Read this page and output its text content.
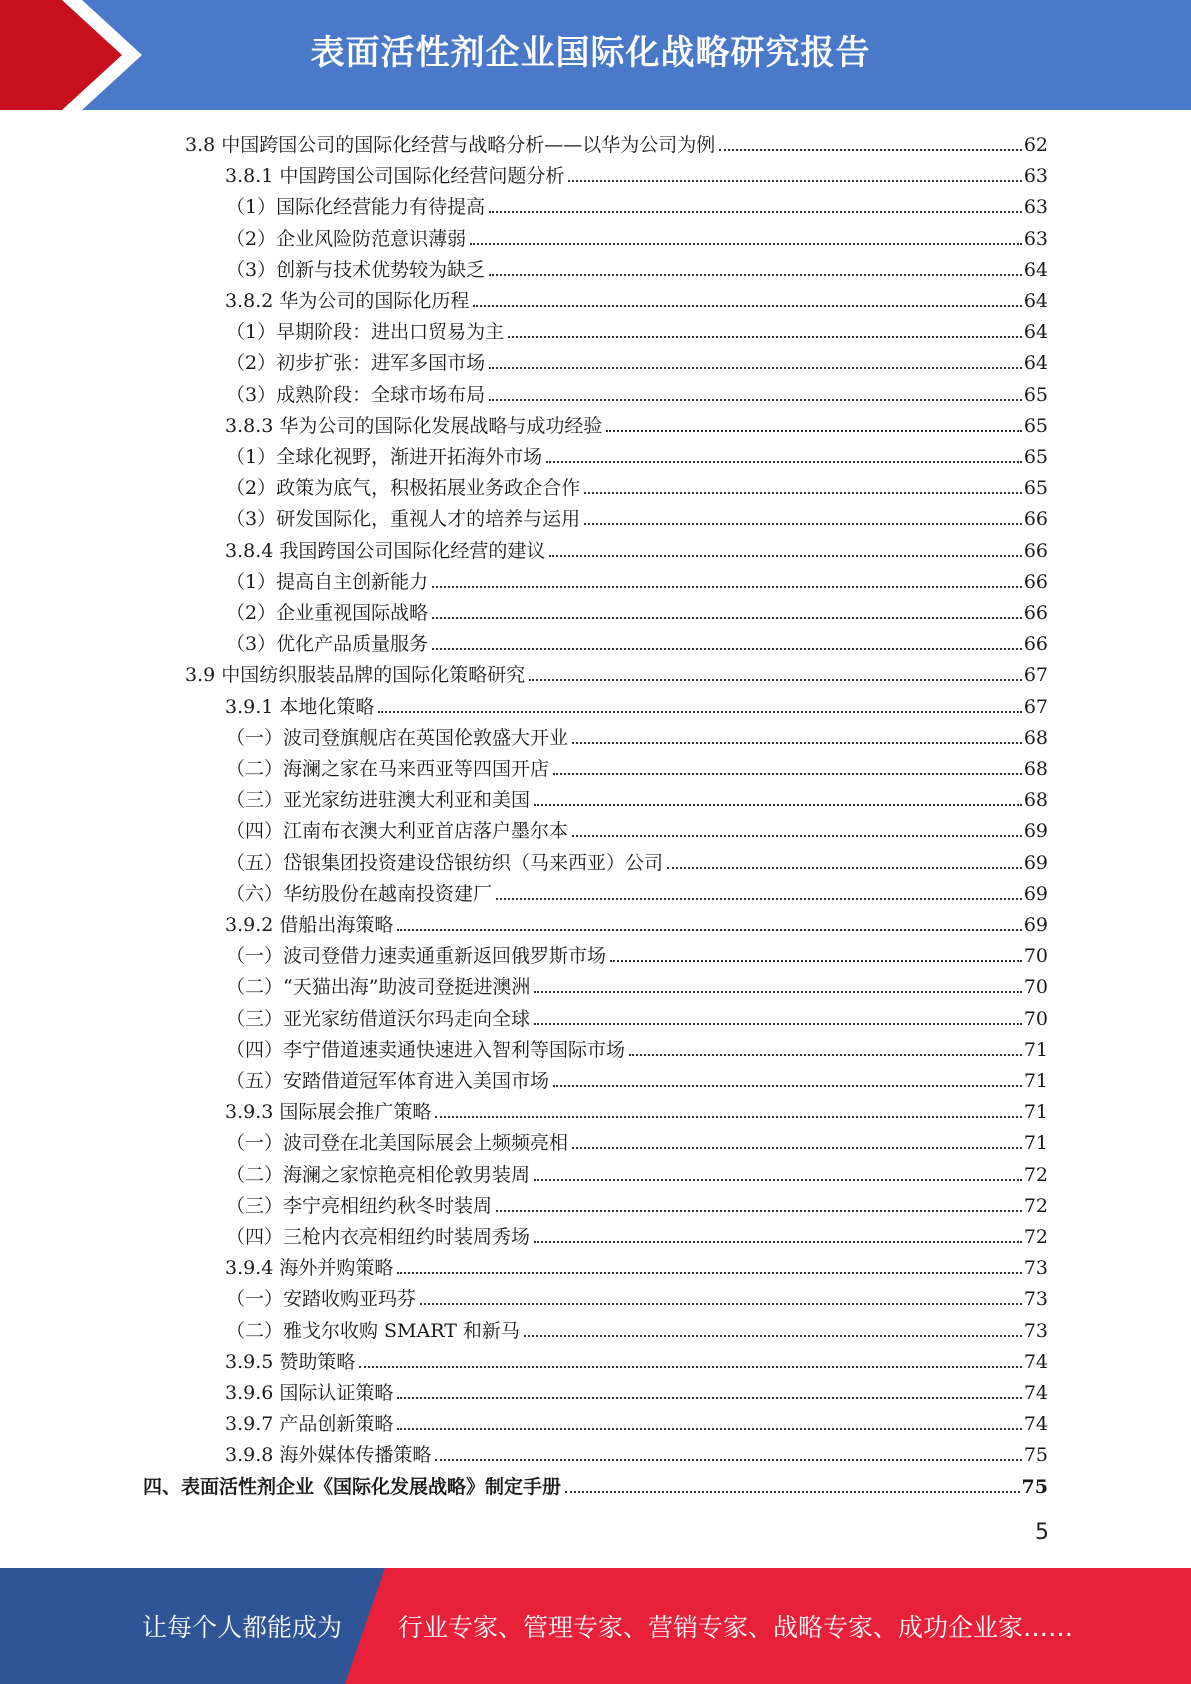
表面活性剂企业国际化战略研究报告
3.8 中国跨国公司的国际化经营与战略分析——以华为公司为例	62
3.8.1 中国跨国公司国际化经营问题分析	63
（1）国际化经营能力有待提高	63
（2）企业风险防范意识薄弱	63
（3）创新与技术优势较为缺乏	64
3.8.2 华为公司的国际化历程	64
（1）早期阶段：进出口贸易为主	64
（2）初步扩张：进军多国市场	64
（3）成熟阶段：全球市场布局	65
3.8.3 华为公司的国际化发展战略与成功经验	65
（1）全球化视野，渐进开拓海外市场	65
（2）政策为底气，积极拓展业务政企合作	65
（3）研发国际化，重视人才的培养与运用	66
3.8.4 我国跨国公司国际化经营的建议	66
（1）提高自主创新能力	66
（2）企业重视国际战略	66
（3）优化产品质量服务	66
3.9 中国纺织服装品牌的国际化策略研究	67
3.9.1 本地化策略	67
（一）波司登旗舰店在英国伦敦盛大开业	68
（二）海澜之家在马来西亚等四国开店	68
（三）亚光家纺进驻澳大利亚和美国	68
（四）江南布衣澳大利亚首店落户墨尔本	69
（五）岱银集团投资建设岱银纺织（马来西亚）公司	69
（六）华纺股份在越南投资建厂	69
3.9.2 借船出海策略	69
（一）波司登借力速卖通重新返回俄罗斯市场	70
（二）“天猫出海”助波司登挺进澳洲	70
（三）亚光家纺借道沃尔玛走向全球	70
（四）李宁借道速卖通快速进入智利等国际市场	71
（五）安踏借道冠军体育进入美国市场	71
3.9.3 国际展会推广策略	71
（一）波司登在北美国际展会上频频亮相	71
（二）海澜之家惊艳亮相伦敦男装周	72
（三）李宁亮相纽约秋冬时装周	72
（四）三枪内衣亮相纽约时装周秀场	72
3.9.4 海外并购策略	73
（一）安踏收购亚玛芬	73
（二）雅戈尔收购 SMART 和新马	73
3.9.5 赞助策略	74
3.9.6 国际认证策略	74
3.9.7 产品创新策略	74
3.9.8 海外媒体传播策略	75
四、表面活性剂企业《国际化发展战略》制定手册	75
5
让每个人都能成为 行业专家、管理专家、营销专家、战略专家、成功企业家……
